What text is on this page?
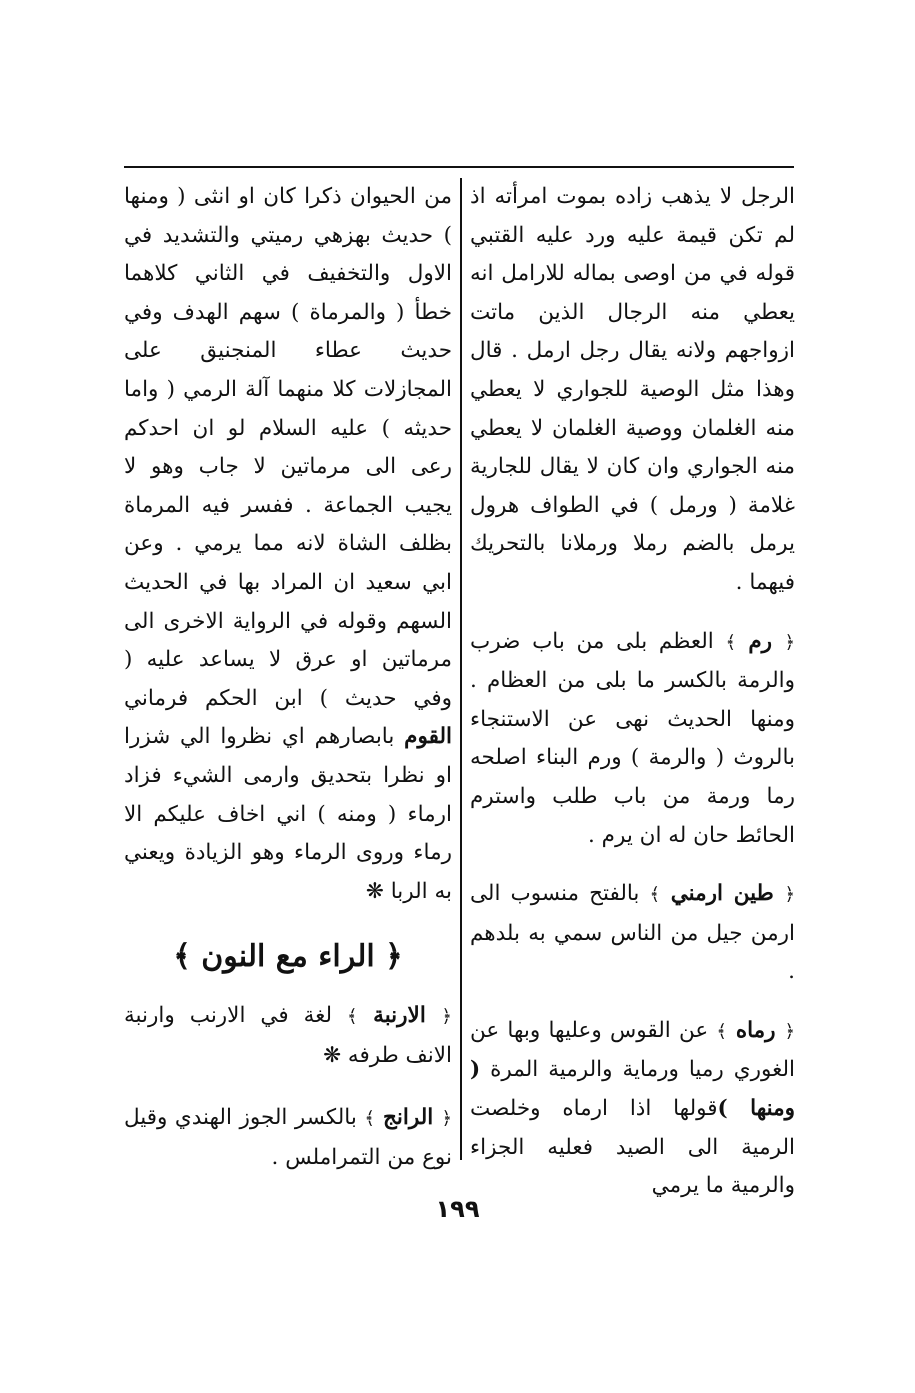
الرجل لا يذهب زاده بموت امرأته اذ لم تكن قيمة عليه ورد عليه القتبي قوله في من اوصى بماله للارامل انه يعطي منه الرجال الذين ماتت ازواجهم ولانه يقال رجل ارمل . قال وهذا مثل الوصية للجواري لا يعطي منه الغلمان ووصية الغلمان لا يعطي منه الجواري وان كان لا يقال للجارية غلامة ( ورمل ) في الطواف هرول يرمل بالضم رملا ورملانا بالتحريك فيهما .

﴿ رم ﴾ العظم بلى من باب ضرب والرمة بالكسر ما بلى من العظام . ومنها الحديث نهى عن الاستنجاء بالروث ( والرمة ) ورم البناء اصلحه رما ورمة من باب طلب واسترم الحائط حان له ان يرم .

﴿ طين ارمني ﴾ بالفتح منسوب الى ارمن جيل من الناس سمي به بلدهم .

﴿ رماه ﴾ عن القوس وعليها وبها عن الغوري رميا ورماية والرمية المرة ( ومنها )قولها اذا ارماه وخلصت الرمية الى الصيد فعليه الجزاء والرمية ما يرمي

من الحيوان ذكرا كان او انثى ( ومنها ) حديث بهزهي رميتي والتشديد في الاول والتخفيف في الثاني كلاهما خطأ ( والمرماة ) سهم الهدف وفي حديث عطاء المنجنيق على المجازلات كلا منهما آلة الرمي ( واما حديثه ) عليه السلام لو ان احدكم رعى الى مرماتين لا جاب وهو لا يجيب الجماعة . ففسر فيه المرماة بظلف الشاة لانه مما يرمي . وعن ابي سعيد ان المراد بها في الحديث السهم وقوله في الرواية الاخرى الى مرماتين او عرق لا يساعد عليه ( وفي حديث ) ابن الحكم فرماني القوم بابصارهم اي نظروا الي شزرا او نظرا بتحديق وارمى الشيء فزاد ارماء ( ومنه ) اني اخاف عليكم الا رماء وروى الرماء وهو الزيادة ويعني به الربا ❋

﴿ الراء مع النون ﴾

﴿ الارنبة ﴾ لغة في الارنب وارنبة الانف طرفه ❋

﴿ الرانج ﴾ بالكسر الجوز الهندي وقيل نوع من التمراملس .

١٩٩
